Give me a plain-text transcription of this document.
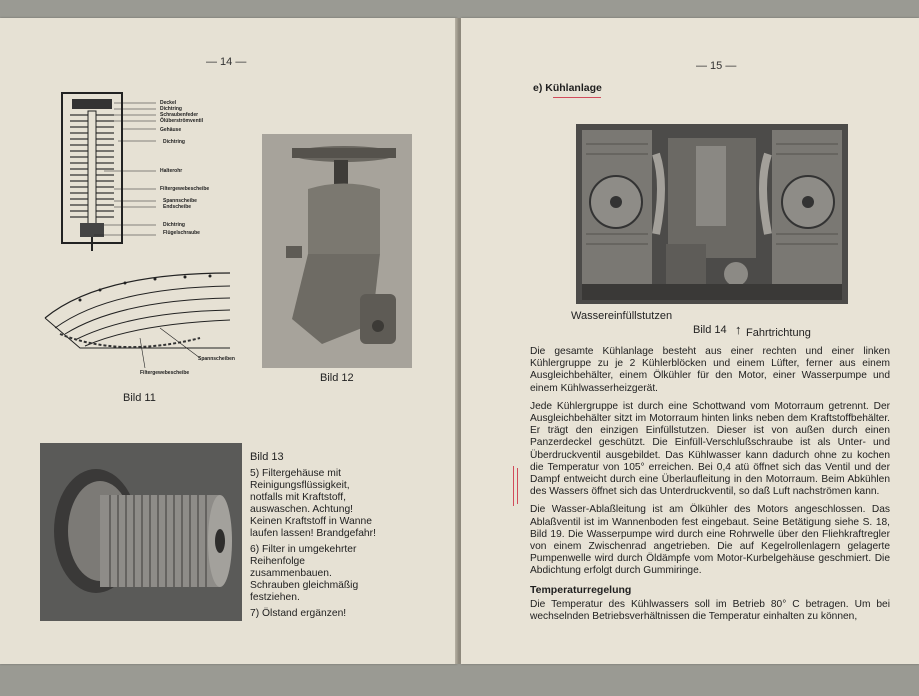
— 14 —
Deckel
Dichtring
Schraubenfeder
Ölüberströmventil
Gehäuse
Dichtring
Halterohr
Filtergewebescheibe
Spannscheibe
Endscheibe
Dichtring
Flügelschraube
Spannscheiben
Filtergewebescheibe
Bild 11
Bild 12
Bild 13
5) Filtergehäuse mit Reinigungsflüssigkeit, notfalls mit Kraftstoff, auswaschen. Achtung! Keinen Kraftstoff in Wanne laufen lassen! Brandgefahr!
6) Filter in umgekehrter Reihenfolge zusammenbauen. Schrauben gleichmäßig festziehen.
7) Ölstand ergänzen!
— 15 —
e) Kühlanlage
Wassereinfüllstutzen
Bild 14 ↑ Fahrtrichtung

Die gesamte Kühlanlage besteht aus einer rechten und einer linken Kühlergruppe zu je 2 Kühlerblöcken und einem Lüfter, ferner aus einem Ausgleichbehälter, einem Ölkühler für den Motor, einer Wasserpumpe und einem Kühlwasserheizgerät.

Jede Kühlergruppe ist durch eine Schottwand vom Motorraum getrennt. Der Ausgleichbehälter sitzt im Motorraum hinten links neben dem Kraftstoffbehälter. Er trägt den einzigen Einfüllstutzen. Dieser ist von außen durch einen Panzerdeckel geschützt. Die Einfüll-Verschlußschraube ist als Unter- und Überdruckventil ausgebildet. Das Kühlwasser kann dadurch ohne zu kochen die Temperatur von 105° erreichen. Bei 0,4 atü öffnet sich das Ventil und der Dampf entweicht durch eine Überlaufleitung in den Motorraum. Beim Abkühlen des Wassers öffnet sich das Unterdruckventil, so daß Luft nachströmen kann.

Die Wasser-Ablaßleitung ist am Ölkühler des Motors angeschlossen. Das Ablaßventil ist im Wannenboden fest eingebaut. Seine Betätigung siehe S. 18, Bild 19. Die Wasserpumpe wird durch eine Rohrwelle über den Fliehkraftregler von einem Zwischenrad angetrieben. Die auf Kegelrollenlagern gelagerte Pumpenwelle wird durch Öldämpfe vom Motor-Kurbelgehäuse geschmiert. Die Abdichtung erfolgt durch Gummiringe.

Temperaturregelung

Die Temperatur des Kühlwassers soll im Betrieb 80° C betragen. Um bei wechselnden Betriebsverhältnissen die Temperatur einhalten zu können,
